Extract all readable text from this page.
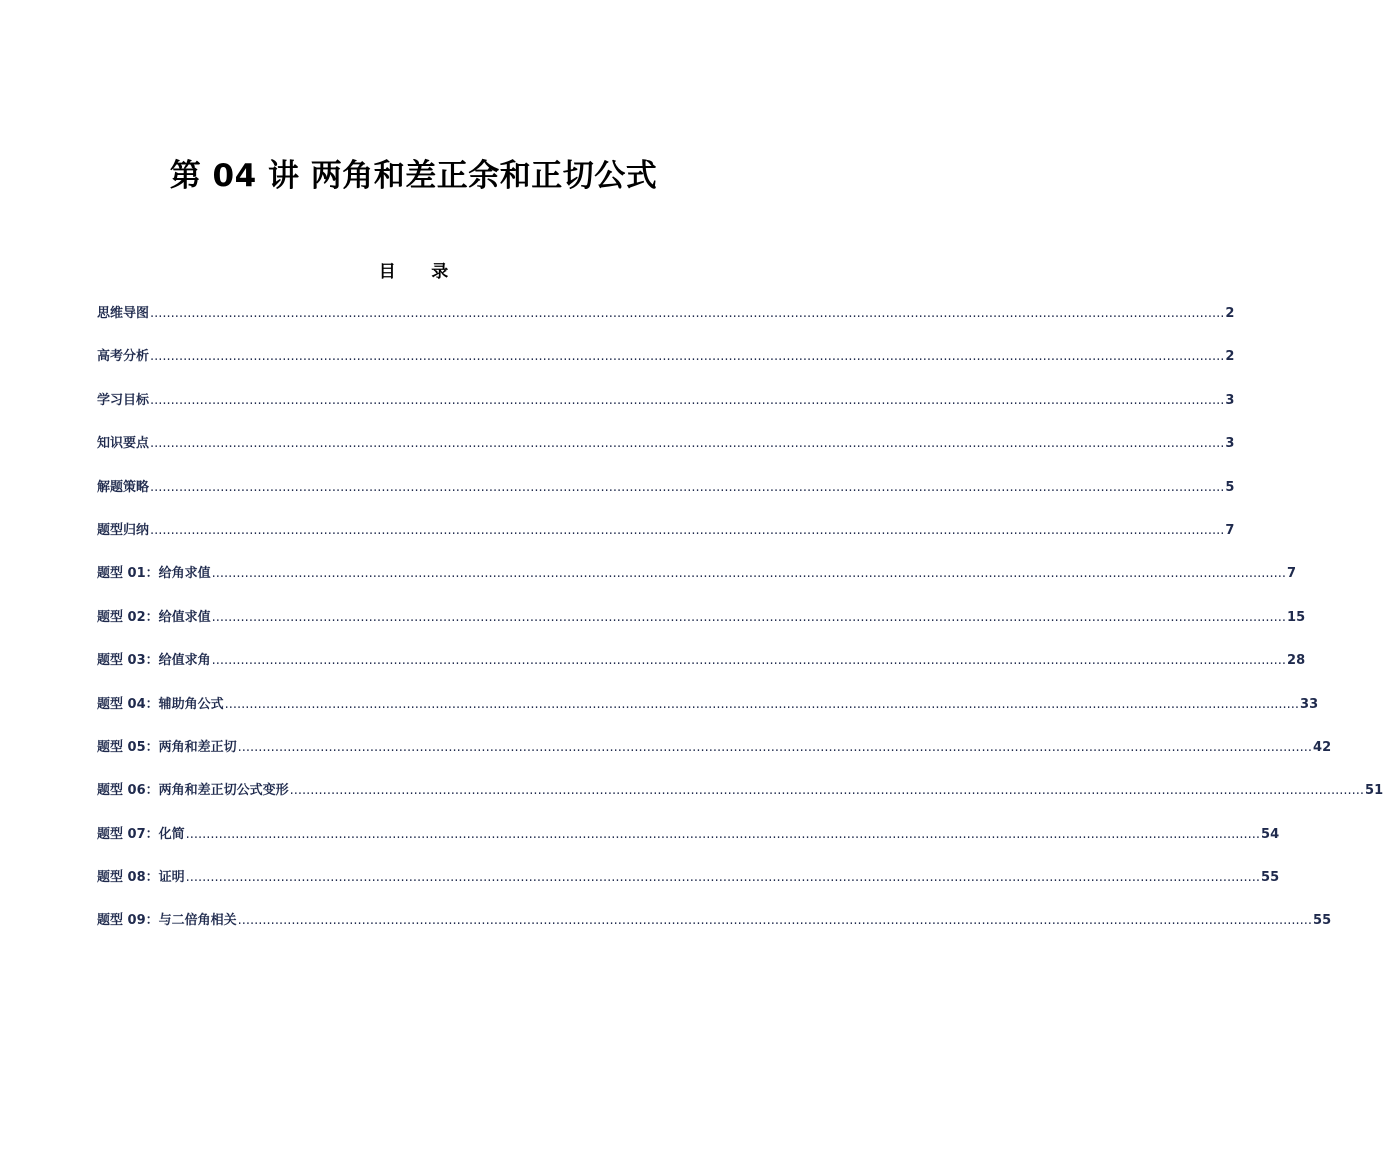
第 04 讲 两角和差正余和正切公式
目      录
思维导图 .................................................................................................................................................................................................................................................................... 2
高考分析 .................................................................................................................................................................................................................................................................... 2
学习目标 .................................................................................................................................................................................................................................................................... 3
知识要点 .................................................................................................................................................................................................................................................................... 3
解题策略 .................................................................................................................................................................................................................................................................... 5
题型归纳 .................................................................................................................................................................................................................................................................... 7
题型 01：给角求值 .................................................................................................................................................................................................................................................................... 7
题型 02：给值求值 .................................................................................................................................................................................................................................................................... 15
题型 03：给值求角 .................................................................................................................................................................................................................................................................... 28
题型 04：辅助角公式 .................................................................................................................................................................................................................................................................... 33
题型 05：两角和差正切 .................................................................................................................................................................................................................................................................... 42
题型 06：两角和差正切公式变形 .................................................................................................................................................................................................................................................................... 51
题型 07：化简 .................................................................................................................................................................................................................................................................... 54
题型 08：证明 .................................................................................................................................................................................................................................................................... 55
题型 09：与二倍角相关 .................................................................................................................................................................................................................................................................... 55
